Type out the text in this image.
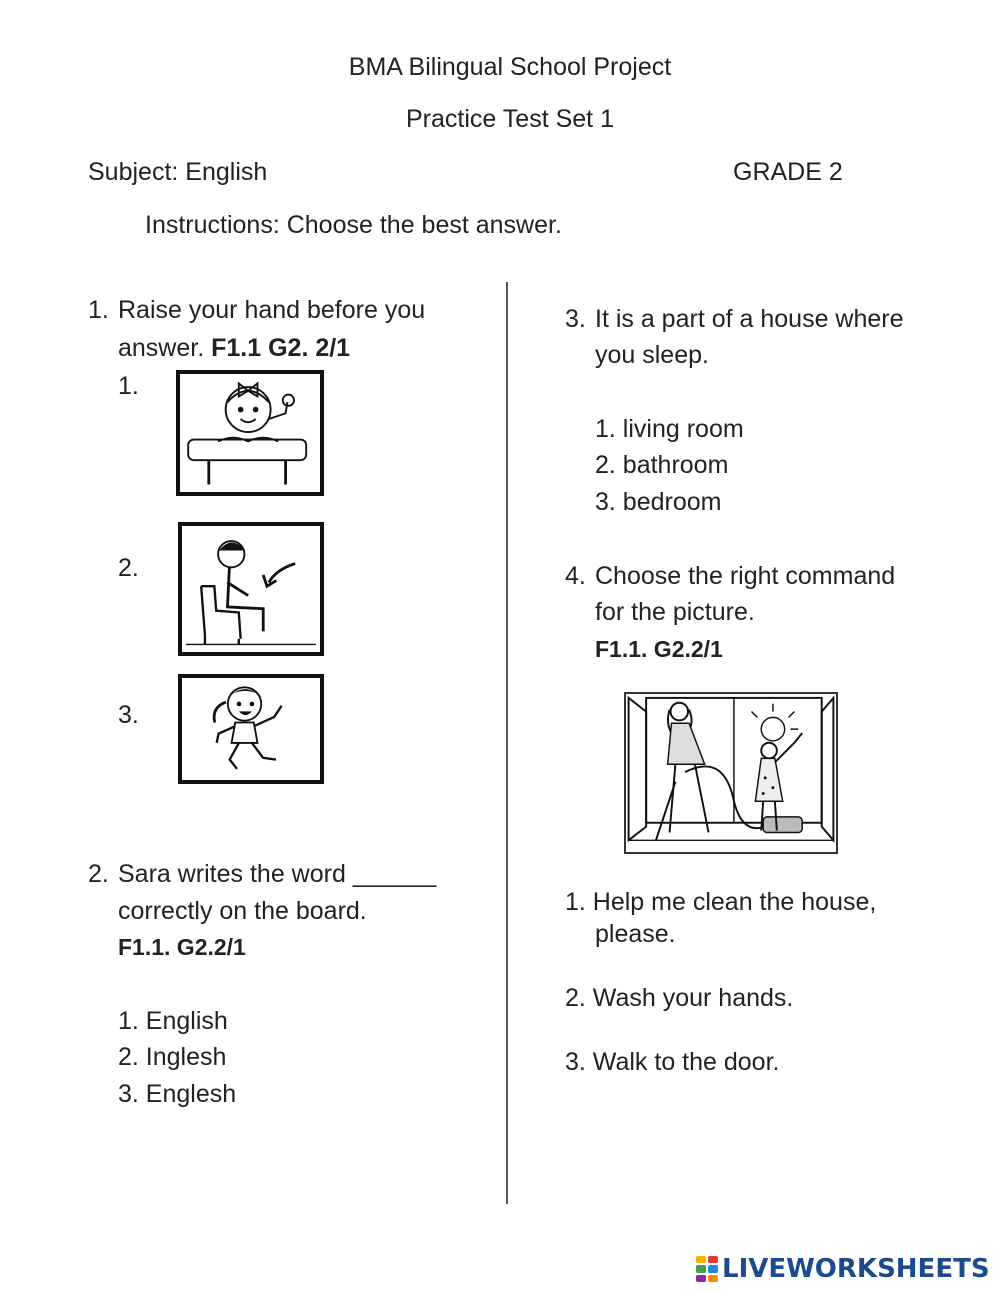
BMA Bilingual School Project
Practice Test Set 1
Subject: English	GRADE 2
Instructions: Choose the best answer.
1. Raise your hand before you
answer. F1.1 G2. 2/1
1.
2.
3.
2. Sara writes the word ______
correctly on the board.
F1.1. G2.2/1
1. English
2. Inglesh
3. Englesh
3. It is a part of a house where
you sleep.
1. living room
2. bathroom
3. bedroom
4. Choose the right command
for the picture.
F1.1. G2.2/1
1. Help me clean the house,
please.
2. Wash your hands.
3. Walk to the door.
LIVEWORKSHEETS
